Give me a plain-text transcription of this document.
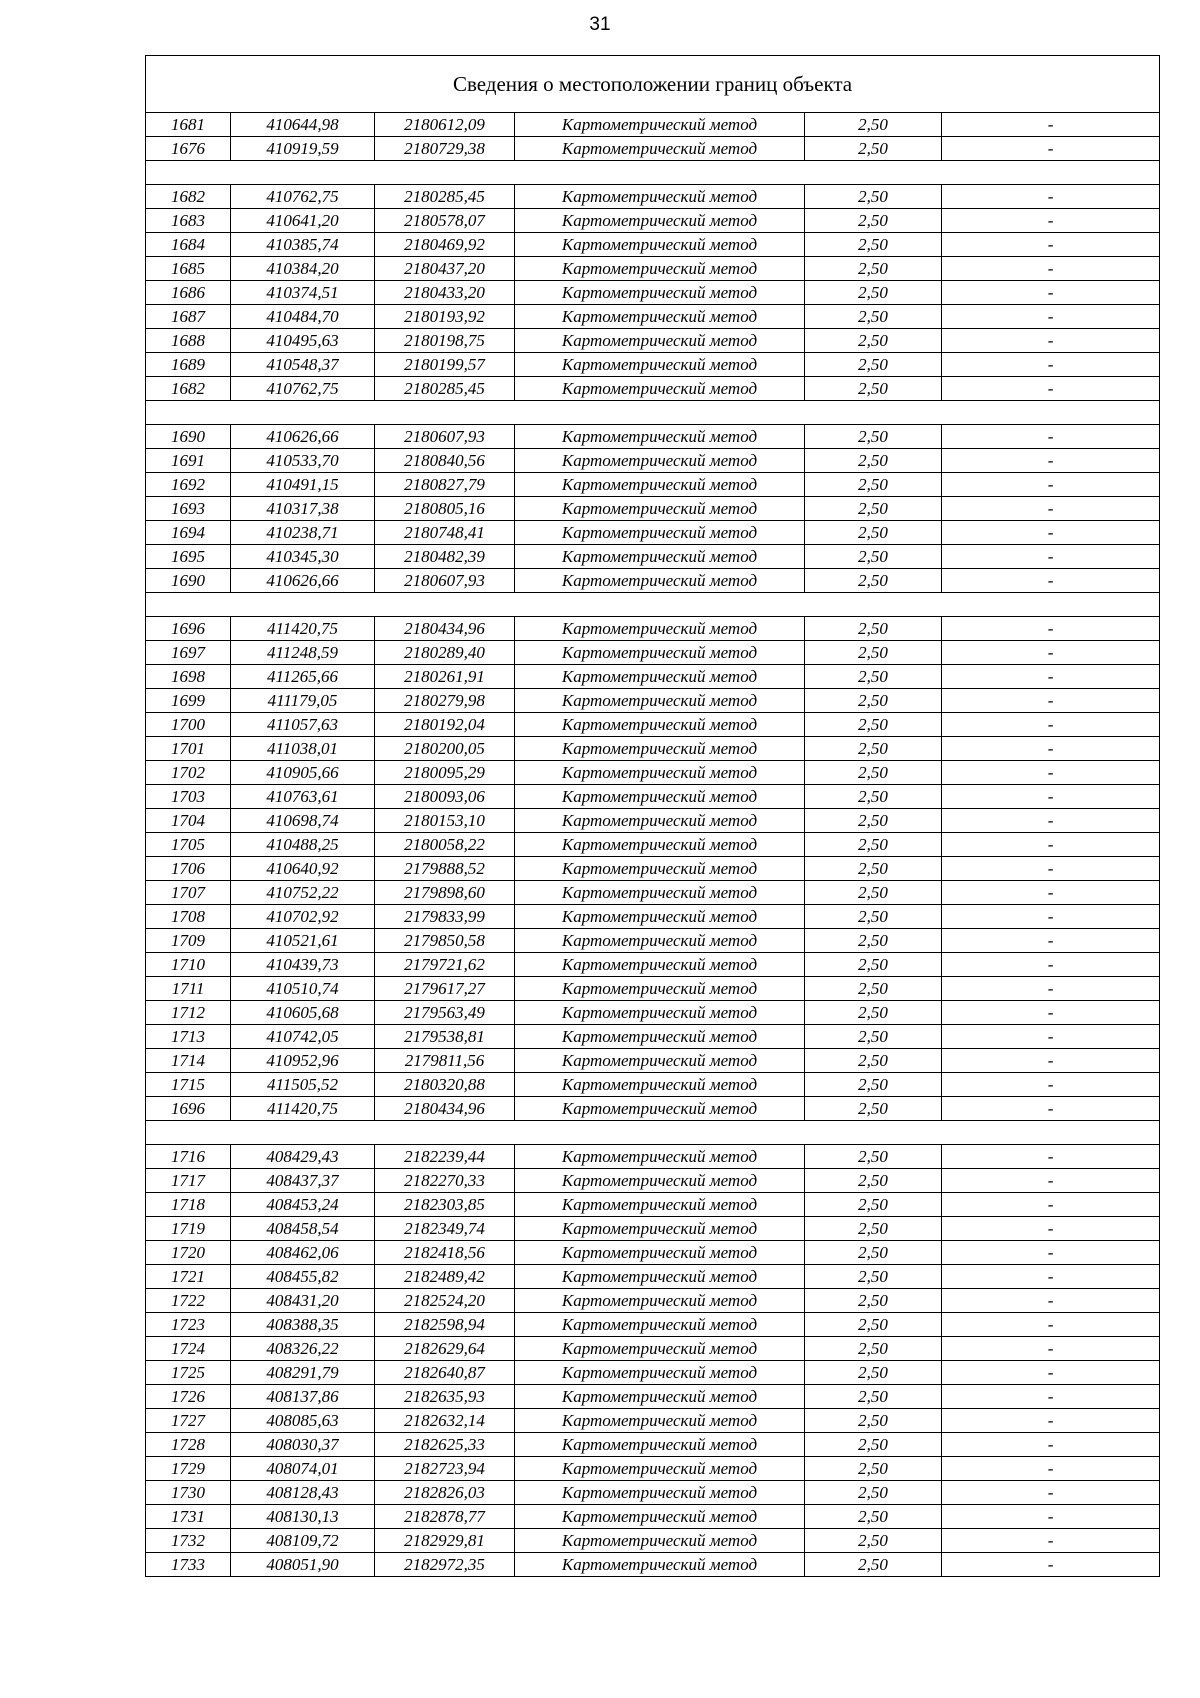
31
Сведения о местоположении границ объекта					
1681	410644,98	2180612,09	Картометрический метод	2,50	-
1676	410919,59	2180729,38	Картометрический метод	2,50	-

1682	410762,75	2180285,45	Картометрический метод	2,50	-
1683	410641,20	2180578,07	Картометрический метод	2,50	-
1684	410385,74	2180469,92	Картометрический метод	2,50	-
1685	410384,20	2180437,20	Картометрический метод	2,50	-
1686	410374,51	2180433,20	Картометрический метод	2,50	-
1687	410484,70	2180193,92	Картометрический метод	2,50	-
1688	410495,63	2180198,75	Картометрический метод	2,50	-
1689	410548,37	2180199,57	Картометрический метод	2,50	-
1682	410762,75	2180285,45	Картометрический метод	2,50	-

1690	410626,66	2180607,93	Картометрический метод	2,50	-
1691	410533,70	2180840,56	Картометрический метод	2,50	-
1692	410491,15	2180827,79	Картометрический метод	2,50	-
1693	410317,38	2180805,16	Картометрический метод	2,50	-
1694	410238,71	2180748,41	Картометрический метод	2,50	-
1695	410345,30	2180482,39	Картометрический метод	2,50	-
1690	410626,66	2180607,93	Картометрический метод	2,50	-

1696	411420,75	2180434,96	Картометрический метод	2,50	-
1697	411248,59	2180289,40	Картометрический метод	2,50	-
1698	411265,66	2180261,91	Картометрический метод	2,50	-
1699	411179,05	2180279,98	Картометрический метод	2,50	-
1700	411057,63	2180192,04	Картометрический метод	2,50	-
1701	411038,01	2180200,05	Картометрический метод	2,50	-
1702	410905,66	2180095,29	Картометрический метод	2,50	-
1703	410763,61	2180093,06	Картометрический метод	2,50	-
1704	410698,74	2180153,10	Картометрический метод	2,50	-
1705	410488,25	2180058,22	Картометрический метод	2,50	-
1706	410640,92	2179888,52	Картометрический метод	2,50	-
1707	410752,22	2179898,60	Картометрический метод	2,50	-
1708	410702,92	2179833,99	Картометрический метод	2,50	-
1709	410521,61	2179850,58	Картометрический метод	2,50	-
1710	410439,73	2179721,62	Картометрический метод	2,50	-
1711	410510,74	2179617,27	Картометрический метод	2,50	-
1712	410605,68	2179563,49	Картометрический метод	2,50	-
1713	410742,05	2179538,81	Картометрический метод	2,50	-
1714	410952,96	2179811,56	Картометрический метод	2,50	-
1715	411505,52	2180320,88	Картометрический метод	2,50	-
1696	411420,75	2180434,96	Картометрический метод	2,50	-

1716	408429,43	2182239,44	Картометрический метод	2,50	-
1717	408437,37	2182270,33	Картометрический метод	2,50	-
1718	408453,24	2182303,85	Картометрический метод	2,50	-
1719	408458,54	2182349,74	Картометрический метод	2,50	-
1720	408462,06	2182418,56	Картометрический метод	2,50	-
1721	408455,82	2182489,42	Картометрический метод	2,50	-
1722	408431,20	2182524,20	Картометрический метод	2,50	-
1723	408388,35	2182598,94	Картометрический метод	2,50	-
1724	408326,22	2182629,64	Картометрический метод	2,50	-
1725	408291,79	2182640,87	Картометрический метод	2,50	-
1726	408137,86	2182635,93	Картометрический метод	2,50	-
1727	408085,63	2182632,14	Картометрический метод	2,50	-
1728	408030,37	2182625,33	Картометрический метод	2,50	-
1729	408074,01	2182723,94	Картометрический метод	2,50	-
1730	408128,43	2182826,03	Картометрический метод	2,50	-
1731	408130,13	2182878,77	Картометрический метод	2,50	-
1732	408109,72	2182929,81	Картометрический метод	2,50	-
1733	408051,90	2182972,35	Картометрический метод	2,50	-
